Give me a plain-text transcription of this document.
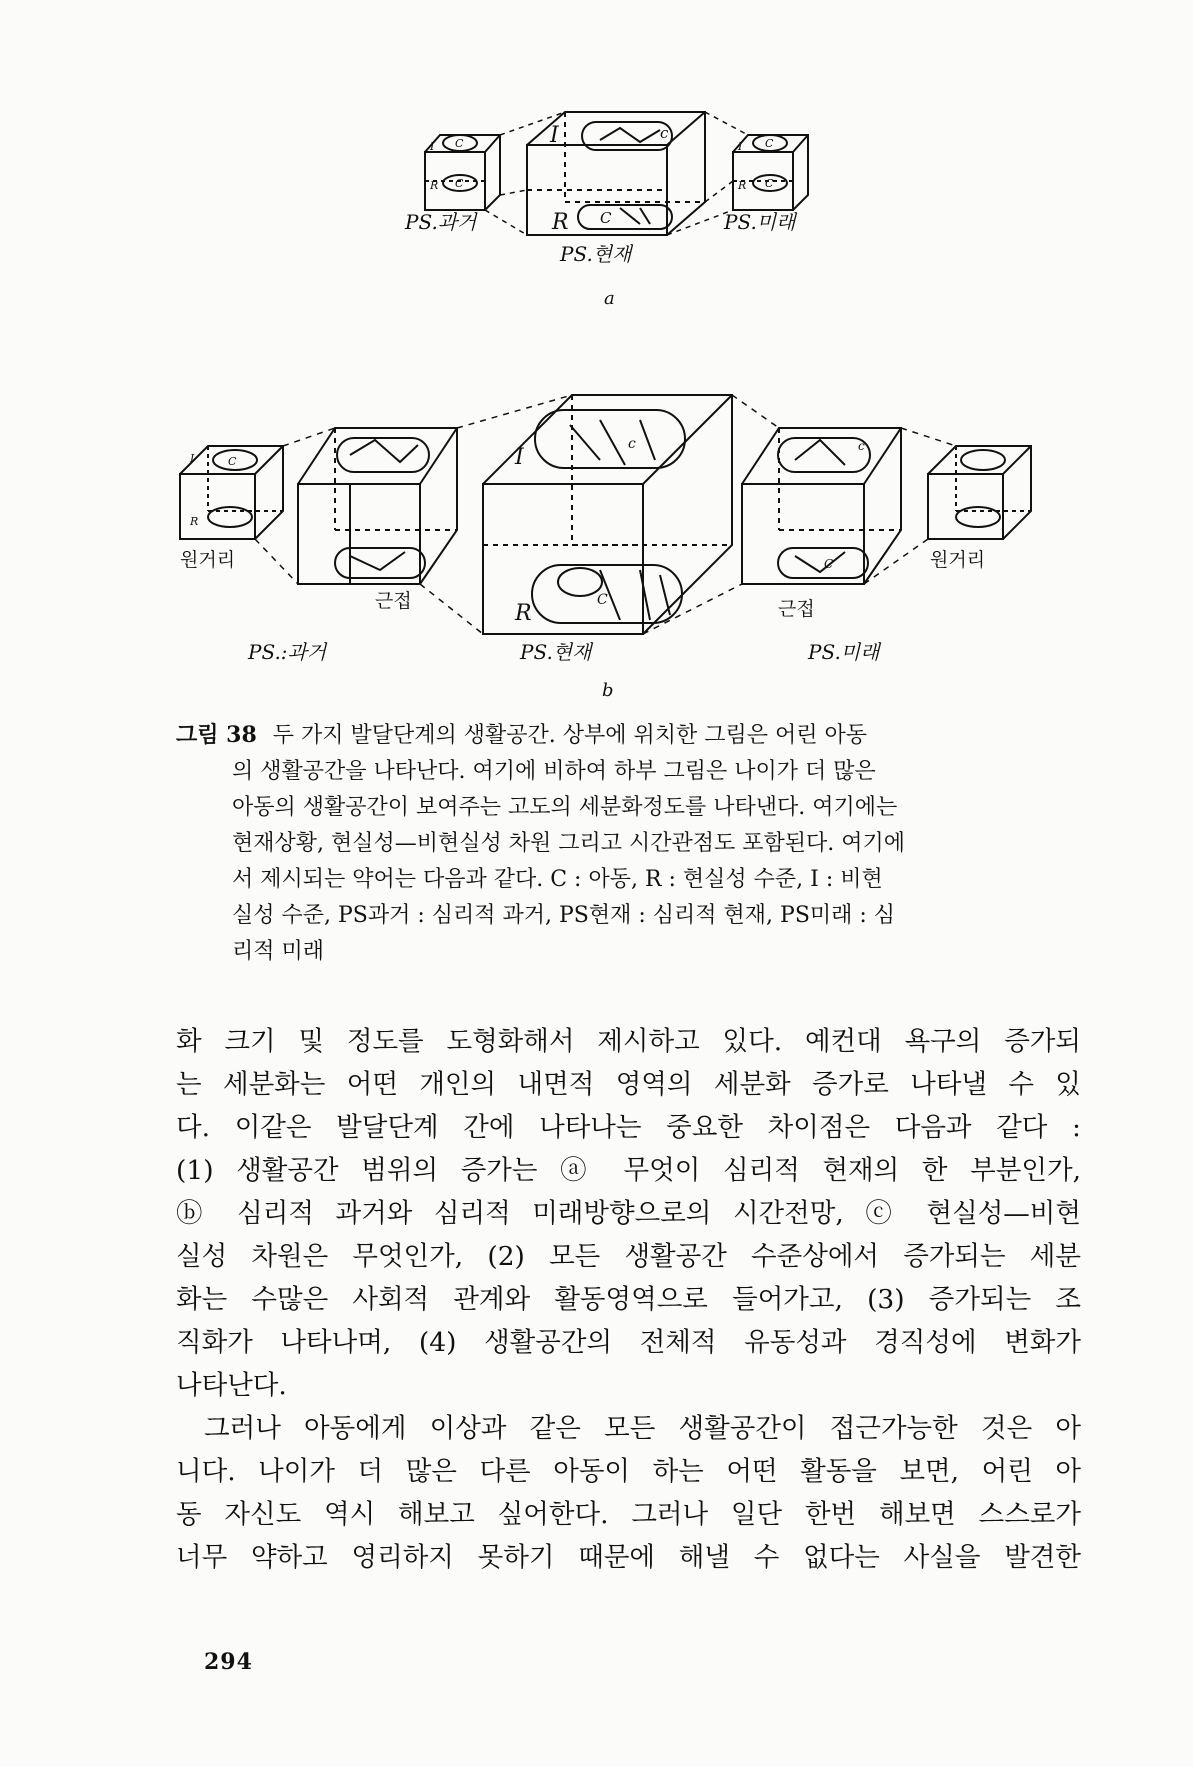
I C
R C
I	c
R C
I C
R C
PS.과거
PS.현재
PS.미래
a
I	C
R
I
c
R
C
c
C
원거리
근접	근접
원거리
PS.:과거	PS.현재	PS.미래
b
그림 38 두 가지 발달단계의 생활공간. 상부에 위치한 그림은 어린 아동
의 생활공간을 나타난다. 여기에 비하여 하부 그림은 나이가 더 많은
아동의 생활공간이 보여주는 고도의 세분화정도를 나타낸다. 여기에는
현재상황, 현실성—비현실성 차원 그리고 시간관점도 포함된다. 여기에
서 제시되는 약어는 다음과 같다. C : 아동, R : 현실성 수준, I : 비현
실성 수준, PS과거 : 심리적 과거, PS현재 : 심리적 현재, PS미래 : 심
리적 미래

화 크기 및 정도를 도형화해서 제시하고 있다. 예컨대 욕구의 증가되
는 세분화는 어떤 개인의 내면적 영역의 세분화 증가로 나타낼 수 있
다. 이같은 발달단계 간에 나타나는 중요한 차이점은 다음과 같다 :
(1) 생활공간 범위의 증가는 ⓐ 무엇이 심리적 현재의 한 부분인가,
ⓑ 심리적 과거와 심리적 미래방향으로의 시간전망, ⓒ 현실성—비현
실성 차원은 무엇인가, (2) 모든 생활공간 수준상에서 증가되는 세분
화는 수많은 사회적 관계와 활동영역으로 들어가고, (3) 증가되는 조
직화가 나타나며, (4) 생활공간의 전체적 유동성과 경직성에 변화가
나타난다.

그러나 아동에게 이상과 같은 모든 생활공간이 접근가능한 것은 아
니다. 나이가 더 많은 다른 아동이 하는 어떤 활동을 보면, 어린 아
동 자신도 역시 해보고 싶어한다. 그러나 일단 한번 해보면 스스로가
너무 약하고 영리하지 못하기 때문에 해낼 수 없다는 사실을 발견한

294
